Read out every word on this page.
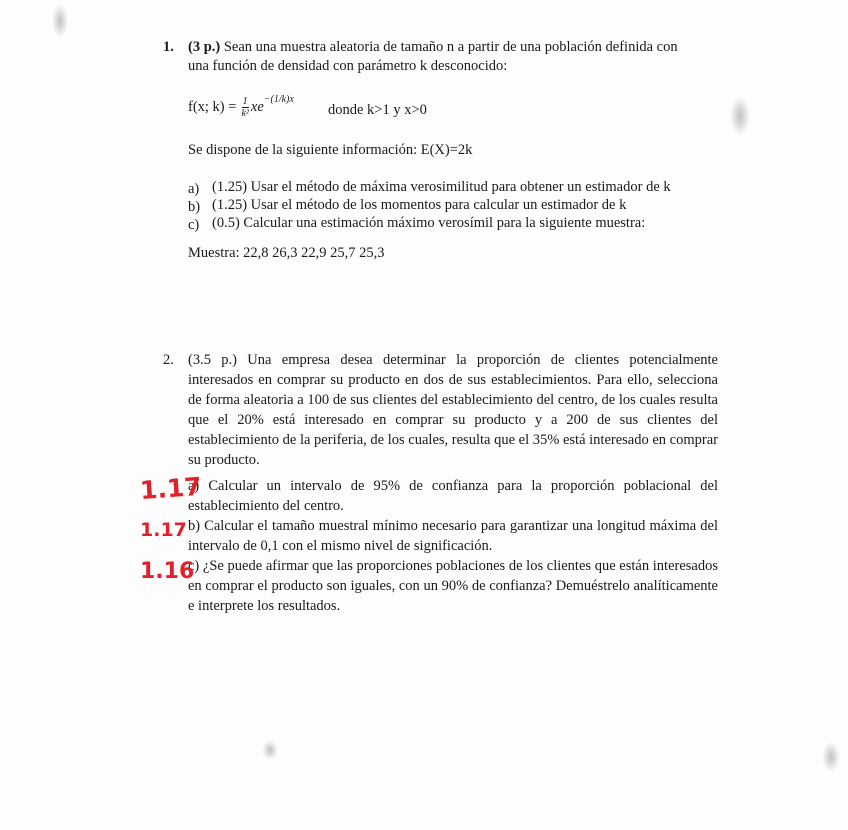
1. (3 p.) Sean una muestra aleatoria de tamaño n a partir de una población definida con
una función de densidad con parámetro k desconocido:
f(x; $k) = \frac{1}{\text{k²}}$ xe −(1/k)x
donde k>1 y x>0
Se dispone de la siguiente información: E(X)=2k
a) (1.25) Usar el método de máxima verosimilitud para obtener un estimador de k
b) (1.25) Usar el método de los momentos para calcular un estimador de k
c) (0.5) Calcular una estimación máximo verosímil para la siguiente muestra:
Muestra: 22,8 26,3 22,9 25,7 25,3
2. (3.5 p.) Una empresa desea determinar la proporción de clientes potencialmente interesados en comprar su producto en dos de sus establecimientos. Para ello, selecciona de forma aleatoria a 100 de sus clientes del establecimiento del centro, de los cuales resulta que el 20% está interesado en comprar su producto y a 200 de sus clientes del establecimiento de la periferia, de los cuales, resulta que el 35% está interesado en comprar su producto.
a) Calcular un intervalo de 95% de confianza para la proporción poblacional del establecimiento del centro.
b) Calcular el tamaño muestral mínimo necesario para garantizar una longitud máxima del intervalo de 0,1 con el mismo nivel de significación.
c) ¿Se puede afirmar que las proporciones poblaciones de los clientes que están interesados en comprar el producto son iguales, con un 90% de confianza? Demuéstrelo analíticamente e interprete los resultados.
1.17
1.17
1.16
